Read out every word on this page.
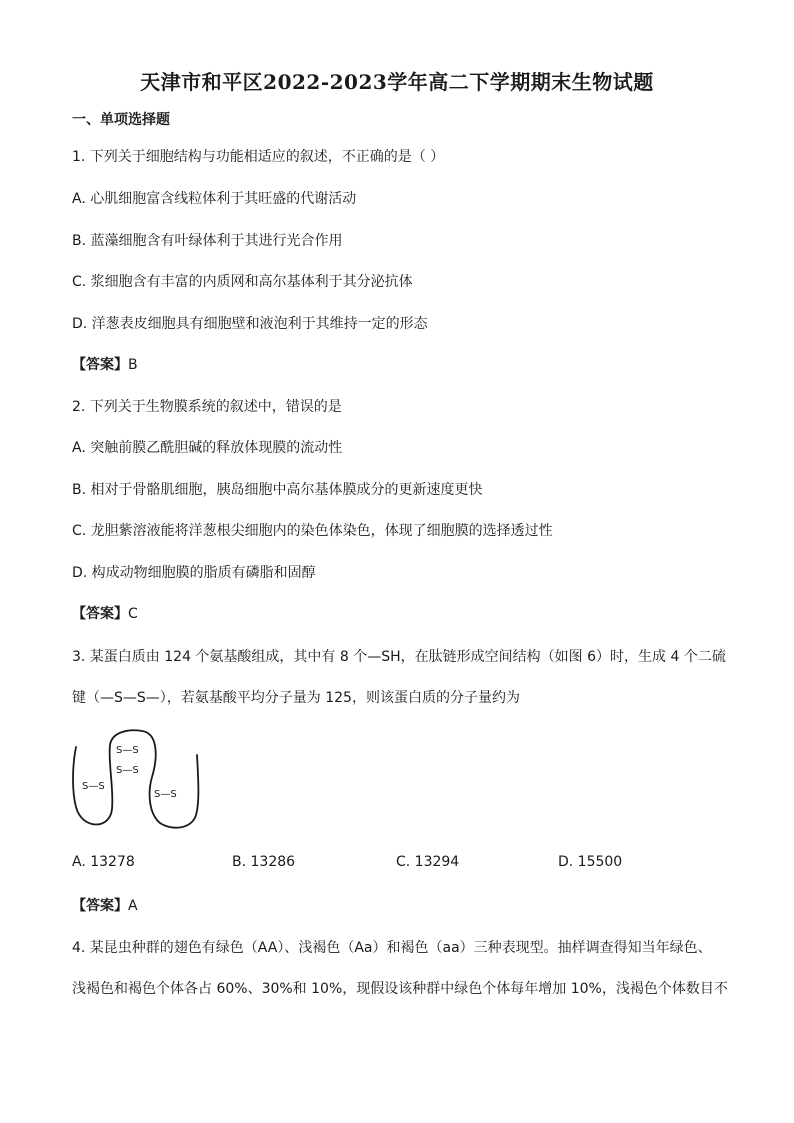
天津市和平区2022-2023学年高二下学期期末生物试题
一、单项选择题
1. 下列关于细胞结构与功能相适应的叙述，不正确的是（ ）
A. 心肌细胞富含线粒体利于其旺盛的代谢活动
B. 蓝藻细胞含有叶绿体利于其进行光合作用
C. 浆细胞含有丰富的内质网和高尔基体利于其分泌抗体
D. 洋葱表皮细胞具有细胞壁和液泡利于其维持一定的形态
【答案】B
2. 下列关于生物膜系统的叙述中，错误的是
A. 突触前膜乙酰胆碱的释放体现膜的流动性
B. 相对于骨骼肌细胞，胰岛细胞中高尔基体膜成分的更新速度更快
C. 龙胆紫溶液能将洋葱根尖细胞内的染色体染色，体现了细胞膜的选择透过性
D. 构成动物细胞膜的脂质有磷脂和固醇
【答案】C
3. 某蛋白质由 124 个氨基酸组成，其中有 8 个—SH，在肽链形成空间结构（如图 6）时，生成 4 个二硫
键（—S—S—），若氨基酸平均分子量为 125，则该蛋白质的分子量约为
S—S
S—S
S—S
S—S
A. 13278	B. 13286	C. 13294	D. 15500
【答案】A
4. 某昆虫种群的翅色有绿色（AA）、浅褐色（Aa）和褐色（aa）三种表现型。抽样调查得知当年绿色、
浅褐色和褐色个体各占 60%、30%和 10%，现假设该种群中绿色个体每年增加 10%，浅褐色个体数目不
